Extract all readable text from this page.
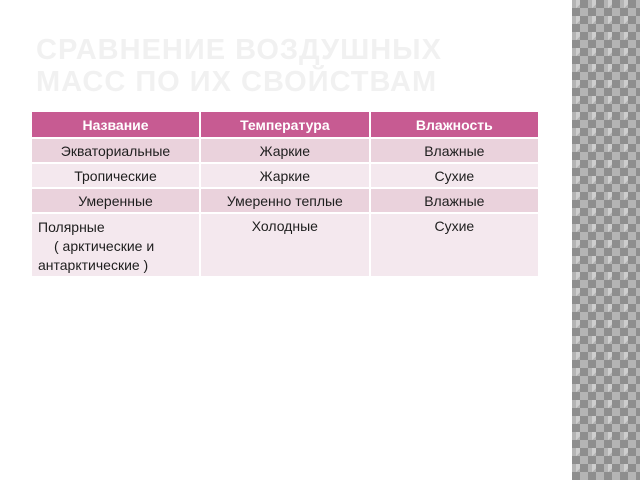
СРАВНЕНИЕ ВОЗДУШНЫХ
МАСС ПО ИХ СВОЙСТВАМ
Название	Температура	Влажность
Экваториальные	Жаркие	Влажные
Тропические	Жаркие	Сухие
Умеренные	Умеренно теплые	Влажные

Полярные
( арктические и
антарктические )	Холодные	Сухие
